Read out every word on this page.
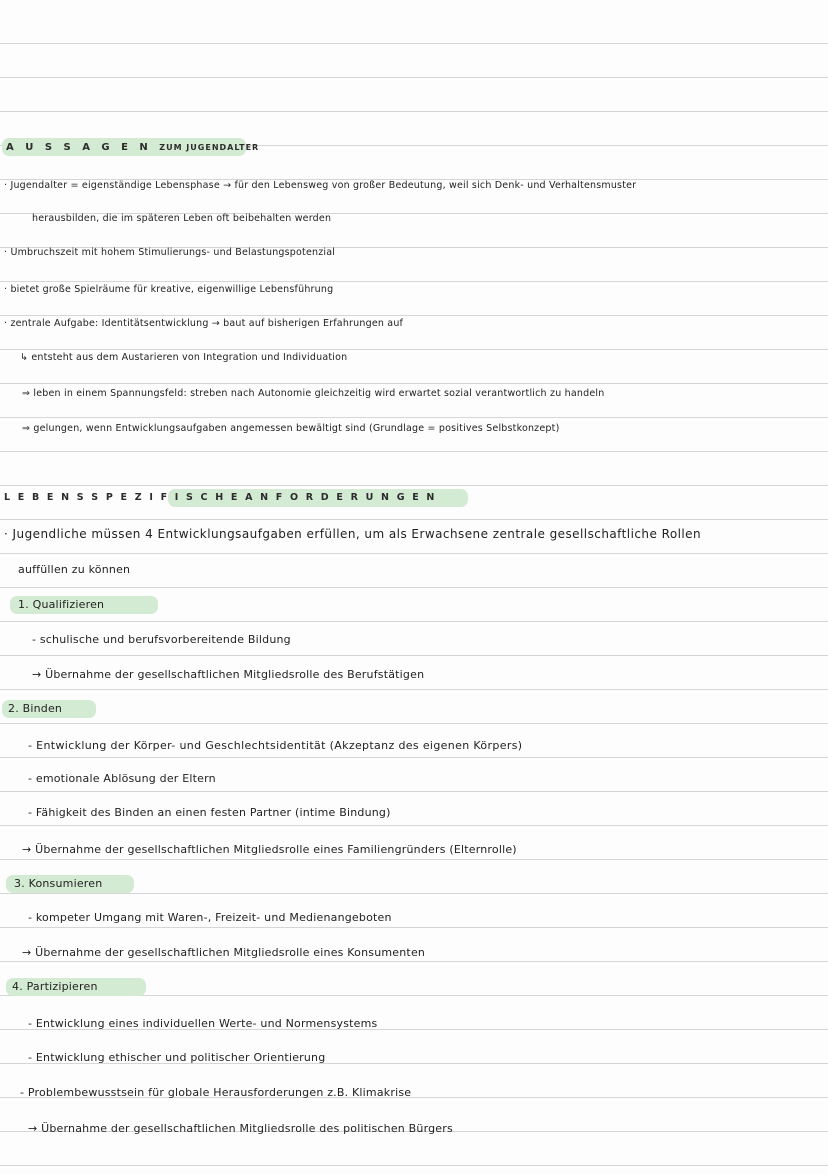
A U S S A G E N ZUM JUGENDALTER
· Jugendalter = eigenständige Lebensphase → für den Lebensweg von großer Bedeutung, weil sich Denk- und Verhaltensmuster
herausbilden, die im späteren Leben oft beibehalten werden
· Umbruchszeit mit hohem Stimulierungs- und Belastungspotenzial
· bietet große Spielräume für kreative, eigenwillige Lebensführung
· zentrale Aufgabe: Identitätsentwicklung → baut auf bisherigen Erfahrungen auf
↳ entsteht aus dem Austarieren von Integration und Individuation
⇒ leben in einem Spannungsfeld: streben nach Autonomie gleichzeitig wird erwartet sozial verantwortlich zu handeln
⇒ gelungen, wenn Entwicklungsaufgaben angemessen bewältigt sind (Grundlage = positives Selbstkonzept)
L E B E N S S P E Z I F I S C H E A N F O R D E R U N G E N
· Jugendliche müssen 4 Entwicklungsaufgaben erfüllen, um als Erwachsene zentrale gesellschaftliche Rollen
auffüllen zu können
1. Qualifizieren
- schulische und berufsvorbereitende Bildung
→ Übernahme der gesellschaftlichen Mitgliedsrolle des Berufstätigen
2. Binden
- Entwicklung der Körper- und Geschlechtsidentität (Akzeptanz des eigenen Körpers)
- emotionale Ablösung der Eltern
- Fähigkeit des Binden an einen festen Partner (intime Bindung)
→ Übernahme der gesellschaftlichen Mitgliedsrolle eines Familiengründers (Elternrolle)
3. Konsumieren
- kompeter Umgang mit Waren-, Freizeit- und Medienangeboten
→ Übernahme der gesellschaftlichen Mitgliedsrolle eines Konsumenten
4. Partizipieren
- Entwicklung eines individuellen Werte- und Normensystems
- Entwicklung ethischer und politischer Orientierung
- Problembewusstsein für globale Herausforderungen z.B. Klimakrise
→ Übernahme der gesellschaftlichen Mitgliedsrolle des politischen Bürgers
